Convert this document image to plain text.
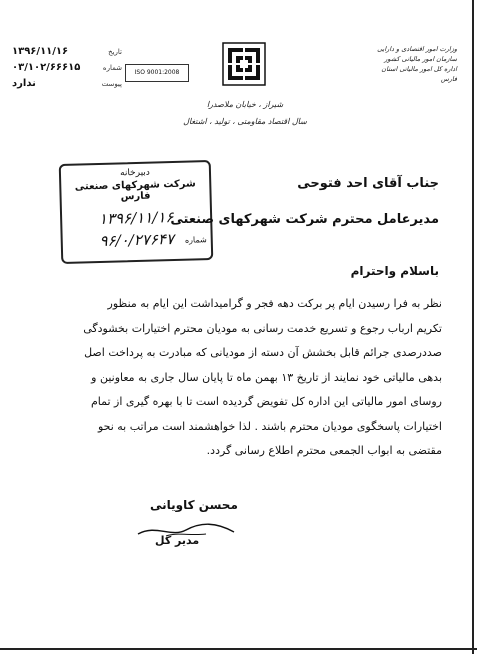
تاریخ
۱۳۹۶/۱۱/۱۶
شماره
۰۳/۱۰۲/۶۶۶۱۵
پیوست
ندارد
ISO 9001:2008
وزارت امور اقتصادی و دارایی
سازمان امور مالیاتی کشور
اداره کل امور مالیاتی استان فارس
شیراز ، خیابان ملاصدرا
سال اقتصاد مقاومتی ، تولید ، اشتغال
دبیرخانه
شرکت شهرکهای صنعتی فارس
۱۳۹۶/۱۱/۱۶
۹۶/۰/۲۷۶۴۷	شماره
جناب آقای احد فتوحی
مدیرعامل محترم شرکت شهرکهای صنعتی
باسلام واحترام
نظر به فرا رسیدن ایام پر برکت دهه فجر و گرامیداشت این ایام به منظور
تکریم ارباب رجوع و تسریع خدمت رسانی به مودیان محترم اختیارات بخشودگی
صددرصدی جرائم قابل بخشش آن دسته از مودیانی که مبادرت به پرداخت اصل
بدهی مالیاتی خود نمایند از تاریخ ۱۳ بهمن ماه تا پایان سال جاری به معاونین و
روسای امور مالیاتی این اداره کل تفویض گردیده است تا با بهره گیری از تمام
اختیارات پاسخگوی مودیان محترم باشند . لذا خواهشمند است مراتب به نحو
مقتضی به ابواب الجمعی محترم اطلاع رسانی گردد.
محسن کاویانی
مدیر کل
